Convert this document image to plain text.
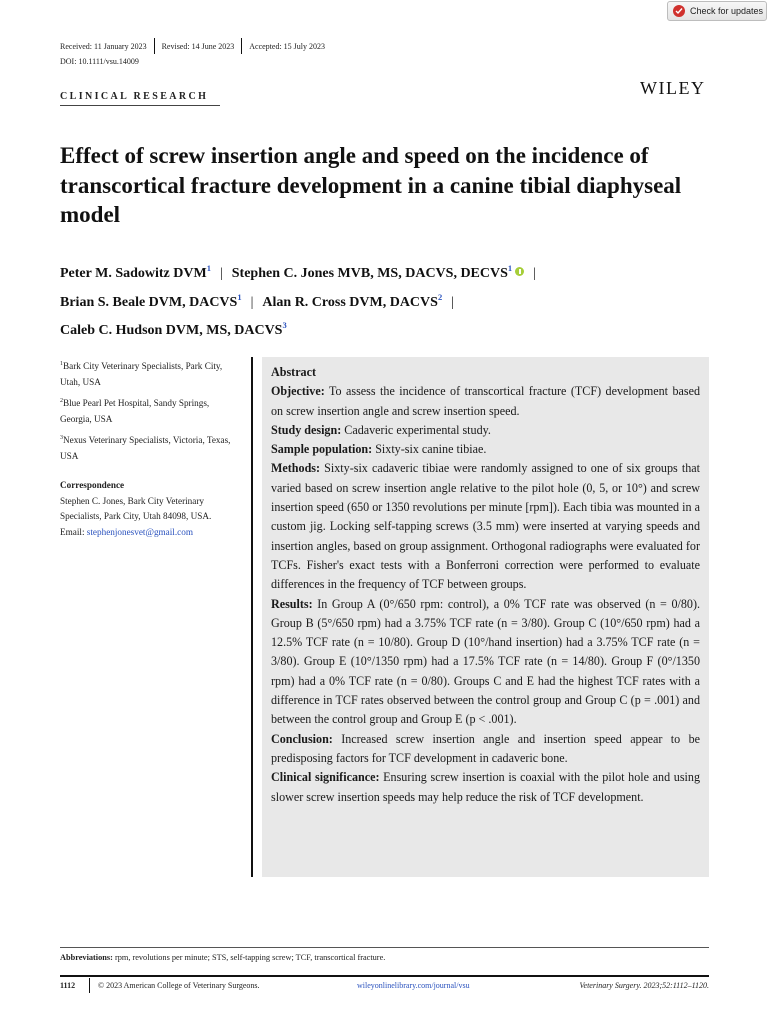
Check for updates
Received: 11 January 2023 Revised: 14 June 2023 Accepted: 15 July 2023
DOI: 10.1111/vsu.14009
CLINICAL RESEARCH	WILEY
Effect of screw insertion angle and speed on the incidence of transcortical fracture development in a canine tibial diaphyseal model
Peter M. Sadowitz DVM$^1$ | Stephen C. Jones MVB, MS, DACVS, DECVS$^1$ |
Brian S. Beale DVM, DACVS$^1$ | Alan R. Cross DVM, DACVS$^2$ |
Caleb C. Hudson DVM, MS, DACVS$^3$
$^1$Bark City Veterinary Specialists, Park City, Utah, USA
$^2$Blue Pearl Pet Hospital, Sandy Springs, Georgia, USA
$^3$Nexus Veterinary Specialists, Victoria, Texas, USA
Correspondence
Stephen C. Jones, Bark City Veterinary Specialists, Park City, Utah 84098, USA.
Email: stephenjonesvet@gmail.com

Abstract

Objective: To assess the incidence of transcortical fracture (TCF) development based on screw insertion angle and screw insertion speed.

Study design: Cadaveric experimental study.

Sample population: Sixty-six canine tibiae.

Methods: Sixty-six cadaveric tibiae were randomly assigned to one of six groups that varied based on screw insertion angle relative to the pilot hole (0, 5, or 10°) and screw insertion speed (650 or 1350 revolutions per minute [rpm]). Each tibia was mounted in a custom jig. Locking self-tapping screws (3.5 mm) were inserted at varying speeds and insertion angles, based on group assignment. Orthogonal radiographs were evaluated for TCFs. Fisher's exact tests with a Bonferroni correction were performed to evaluate differences in the frequency of TCF between groups.

Results: In Group A (0°/650 rpm: control), a 0% TCF rate was observed (n = 0/80). Group B (5°/650 rpm) had a 3.75% TCF rate (n = 3/80). Group C (10°/650 rpm) had a 12.5% TCF rate (n = 10/80). Group D (10°/hand insertion) had a 3.75% TCF rate (n = 3/80). Group E (10°/1350 rpm) had a 17.5% TCF rate (n = 14/80). Group F (0°/1350 rpm) had a 0% TCF rate (n = 0/80). Groups C and E had the highest TCF rates with a difference in TCF rates observed between the control group and Group C (p = .001) and between the control group and Group E (p < .001).

Conclusion: Increased screw insertion angle and insertion speed appear to be predisposing factors for TCF development in cadaveric bone.

Clinical significance: Ensuring screw insertion is coaxial with the pilot hole and using slower screw insertion speeds may help reduce the risk of TCF development.

Abbreviations: rpm, revolutions per minute; STS, self-tapping screw; TCF, transcortical fracture.
1112	© 2023 American College of Veterinary Surgeons.	wileyonlinelibrary.com/journal/vsu	Veterinary Surgery. 2023;52:1112–1120.
